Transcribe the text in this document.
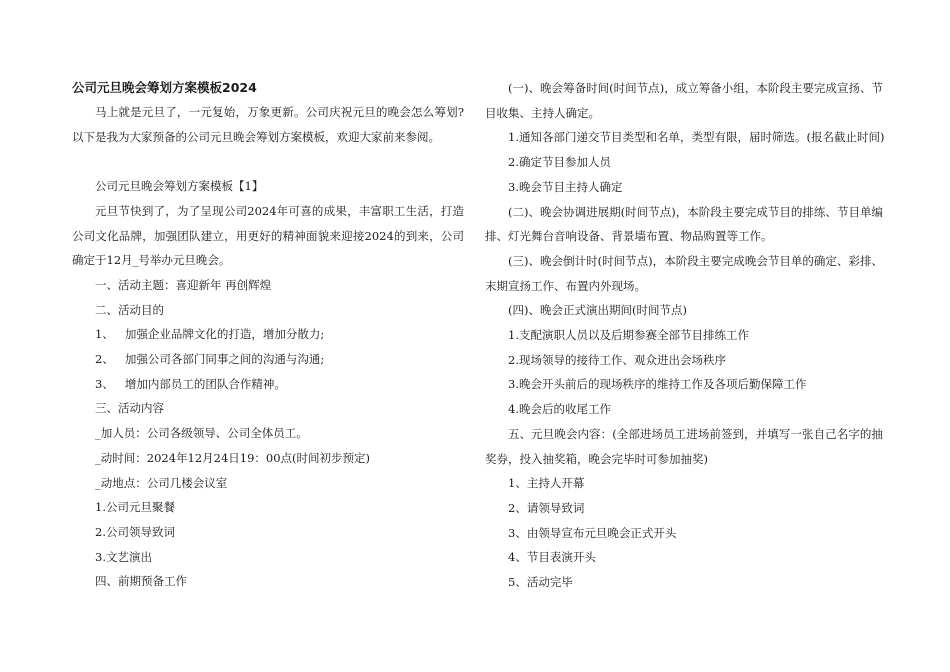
公司元旦晚会筹划方案模板2024

马上就是元旦了，一元复始，万象更新。公司庆祝元旦的晚会怎么筹划?以下是我为大家预备的公司元旦晚会筹划方案模板，欢迎大家前来参阅。

公司元旦晚会筹划方案模板【1】

元旦节快到了，为了呈现公司2024年可喜的成果，丰富职工生活，打造公司文化品牌，加强团队建立，用更好的精神面貌来迎接2024的到来，公司确定于12月_号举办元旦晚会。

一、活动主题：喜迎新年 再创辉煌

二、活动目的

1、 加强企业品牌文化的打造，增加分散力;

2、 加强公司各部门同事之间的沟通与沟通;

3、 增加内部员工的团队合作精神。

三、活动内容

_加人员：公司各级领导、公司全体员工。

_动时间：2024年12月24日19：00点(时间初步预定)

_动地点：公司几楼会议室

1.公司元旦聚餐

2.公司领导致词

3.文艺演出

四、前期预备工作

(一)、晚会筹备时间(时间节点)，成立筹备小组，本阶段主要完成宣扬、节目收集、主持人确定。

1.通知各部门递交节目类型和名单，类型有限，届时筛选。(报名截止时间)

2.确定节目参加人员

3.晚会节目主持人确定

(二)、晚会协调进展期(时间节点)，本阶段主要完成节目的排练、节目单编排、灯光舞台音响设备、背景墙布置、物品购置等工作。

(三)、晚会倒计时(时间节点)，本阶段主要完成晚会节目单的确定、彩排、末期宣扬工作、布置内外现场。

(四)、晚会正式演出期间(时间节点)

1.支配演职人员以及后期参赛全部节目排练工作

2.现场领导的接待工作、观众进出会场秩序

3.晚会开头前后的现场秩序的维持工作及各项后勤保障工作

4.晚会后的收尾工作

五、元旦晚会内容：(全部进场员工进场前签到，并填写一张自己名字的抽奖券，投入抽奖箱，晚会完毕时可参加抽奖)

1、主持人开幕

2、请领导致词

3、由领导宣布元旦晚会正式开头

4、节目表演开头

5、活动完毕
